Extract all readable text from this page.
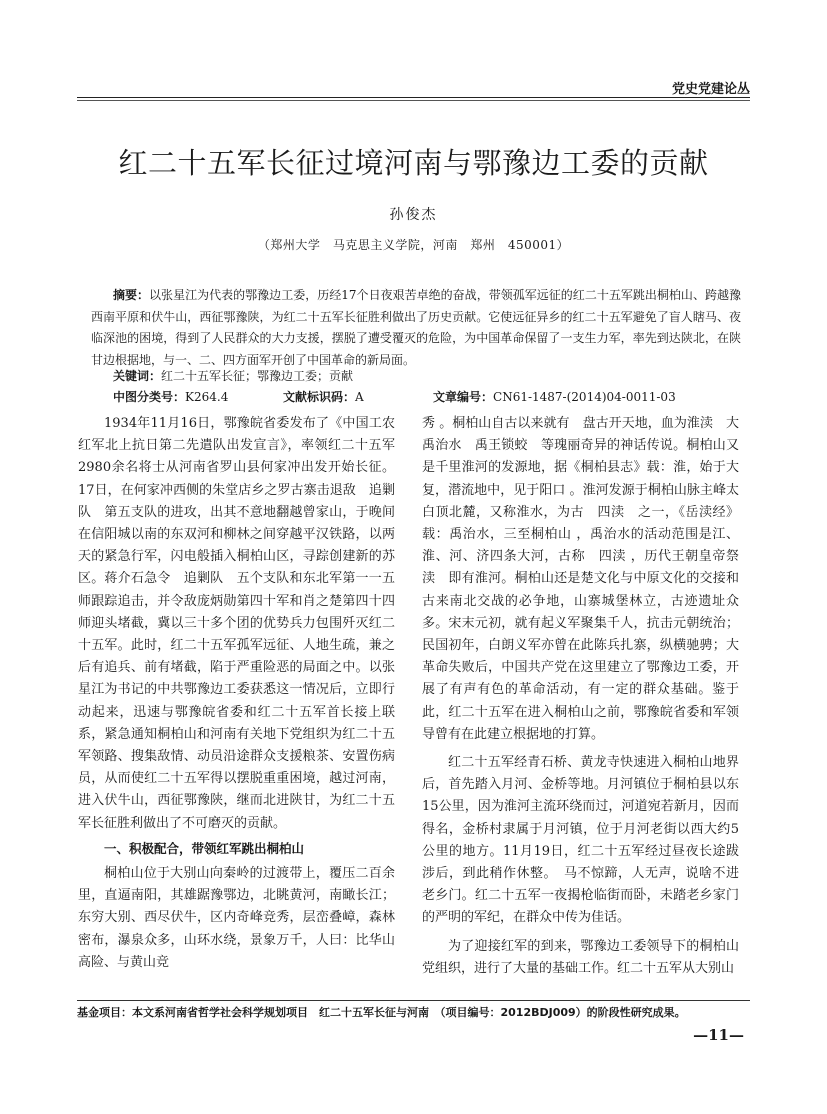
党史党建论丛
红二十五军长征过境河南与鄂豫边工委的贡献
孙俊杰
（郑州大学　马克思主义学院，河南　郑州　450001）
摘要：以张星江为代表的鄂豫边工委，历经17个日夜艰苦卓绝的奋战，带领孤军远征的红二十五军跳出桐柏山、跨越豫西南平原和伏牛山，西征鄂豫陕，为红二十五军长征胜利做出了历史贡献。它使远征异乡的红二十五军避免了盲人瞎马、夜临深池的困境，得到了人民群众的大力支援，摆脱了遭受覆灭的危险，为中国革命保留了一支生力军，率先到达陕北，在陕甘边根据地，与一、二、四方面军开创了中国革命的新局面。
关键词：红二十五军长征；鄂豫边工委；贡献
中图分类号：K264.4	文献标识码：A	文章编号：CN61-1487-(2014)04-0011-03

1934年11月16日，鄂豫皖省委发布了《中国工农红军北上抗日第二先遣队出发宣言》，率领红二十五军2980余名将士从河南省罗山县何家冲出发开始长征。17日，在何家冲西侧的朱堂店乡之罗古寨击退敌　追剿队　第五支队的进攻，出其不意地翻越曾家山，于晚间在信阳城以南的东双河和柳林之间穿越平汉铁路，以两天的紧急行军，闪电般插入桐柏山区，寻踪创建新的苏区。蒋介石急令　追剿队　五个支队和东北军第一一五师跟踪追击，并令敌庞炳勋第四十军和肖之楚第四十四师迎头堵截，冀以三十多个团的优势兵力包围歼灭红二十五军。此时，红二十五军孤军远征、人地生疏，兼之后有追兵、前有堵截，陷于严重险恶的局面之中。以张星江为书记的中共鄂豫边工委获悉这一情况后，立即行动起来，迅速与鄂豫皖省委和红二十五军首长接上联系，紧急通知桐柏山和河南有关地下党组织为红二十五军领路、搜集敌情、动员沿途群众支援粮茶、安置伤病员，从而使红二十五军得以摆脱重重困境，越过河南，进入伏牛山，西征鄂豫陕，继而北进陕甘，为红二十五军长征胜利做出了不可磨灭的贡献。

一、积极配合，带领红军跳出桐柏山

桐柏山位于大别山向秦岭的过渡带上，覆压二百余里，直逼南阳，其雄踞豫鄂边，北眺黄河，南瞰长江；东穷大别、西尽伏牛，区内奇峰竞秀，层峦叠嶂，森林密布，瀑泉众多，山环水绕，景象万千，人曰：比华山高险、与黄山竞

秀 。桐柏山自古以来就有　盘古开天地，血为淮渎　大禹治水　禹王锁蛟　等瑰丽奇异的神话传说。桐柏山又是千里淮河的发源地，据《桐柏县志》载：淮，始于大复，潜流地中，见于阳口 。淮河发源于桐柏山脉主峰太白顶北麓，又称淮水，为古　四渎　之一，《岳渎经》载：禹治水，三至桐柏山 ，禹治水的活动范围是江、淮、河、济四条大河，古称　四渎 ，历代王朝皇帝祭　渎　即有淮河。桐柏山还是楚文化与中原文化的交接和古来南北交战的必争地，山寨城堡林立，古迹遗址众多。宋末元初，就有起义军聚集千人，抗击元朝统治；民国初年，白朗义军亦曾在此陈兵扎寨，纵横驰骋；大革命失败后，中国共产党在这里建立了鄂豫边工委，开展了有声有色的革命活动，有一定的群众基础。鉴于此，红二十五军在进入桐柏山之前，鄂豫皖省委和军领导曾有在此建立根据地的打算。

红二十五军经青石桥、黄龙寺快速进入桐柏山地界后，首先踏入月河、金桥等地。月河镇位于桐柏县以东15公里，因为淮河主流环绕而过，河道宛若新月，因而得名，金桥村隶属于月河镇，位于月河老街以西大约5公里的地方。11月19日，红二十五军经过昼夜长途跋涉后，到此稍作休整。　马不惊蹄，人无声，说啥不进老乡门。红二十五军一夜揭枪临街而卧，未踏老乡家门的严明的军纪，在群众中传为佳话。

为了迎接红军的到来，鄂豫边工委领导下的桐柏山党组织，进行了大量的基础工作。红二十五军从大别山

基金项目：本文系河南省哲学社会科学规划项目　红二十五军长征与河南　（项目编号：2012BDJ009）的阶段性研究成果。
—11—
